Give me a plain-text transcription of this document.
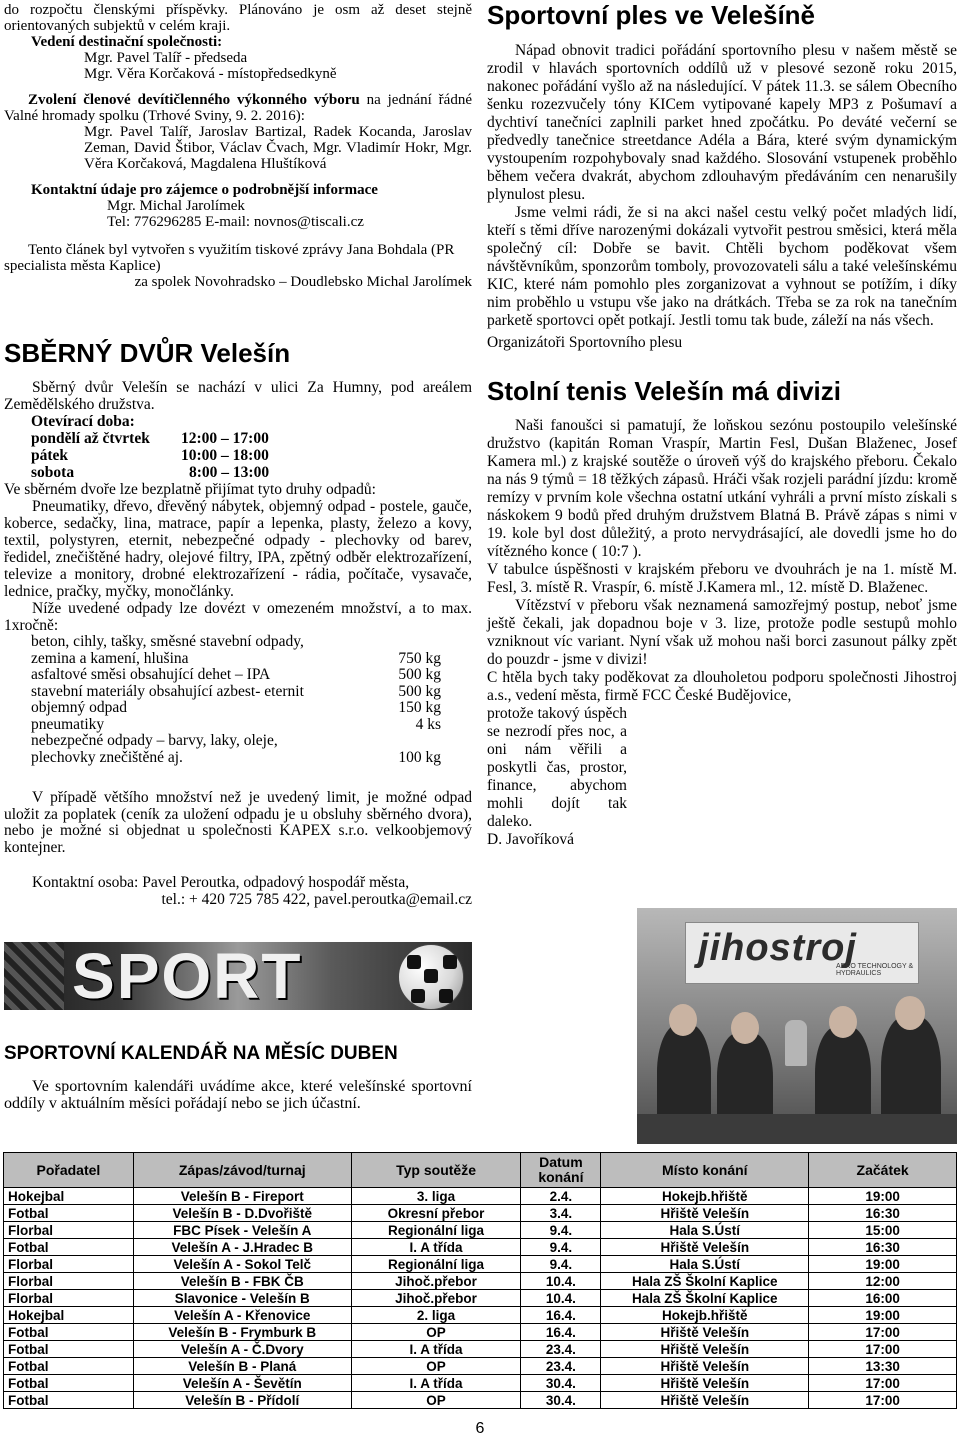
do rozpočtu členskými příspěvky. Plánováno je osm až deset stejně orientovaných subjektů v celém kraji.

Vedení destinační společnosti:

Mgr. Pavel Talíř - předseda

Mgr. Věra Korčaková - místopředsedkyně

Zvolení členové devítičlenného výkonného výboru na jednání řádné Valné hromady spolku (Trhové Sviny, 9. 2. 2016):

Mgr. Pavel Talíř, Jaroslav Bartizal, Radek Kocanda, Jaroslav Zeman, David Štibor, Václav Čvach, Mgr. Vladimír Hokr, Mgr. Věra Korčaková, Magdalena Hluštíková

Kontaktní údaje pro zájemce o podrobnější informace

Mgr. Michal Jarolímek

Tel: 776296285 E-mail: novnos@tiscali.cz

Tento článek byl vytvořen s využitím tiskové zprávy Jana Bohdala (PR specialista města Kaplice)

za spolek Novohradsko – Doudlebsko Michal Jarolímek

SBĚRNÝ DVŮR Velešín

Sběrný dvůr Velešín se nachází v ulici Za Humny, pod areálem Zemědělského družstva.

Otevírací doba:

pondělí až čtvrtek	12:00 – 17:00
pátek	10:00 – 18:00
sobota	8:00 – 13:00

Ve sběrném dvoře lze bezplatně přijímat tyto druhy odpadů:

Pneumatiky, dřevo, dřevěný nábytek, objemný odpad - postele, gauče, koberce, sedačky, lina, matrace, papír a lepenka, plasty, železo a kovy, textil, polystyren, eternit, nebezpečné odpady - plechovky od barev, ředidel, znečištěné hadry, olejové filtry, IPA, zpětný odběr elektrozařízení, televize a monitory, drobné elektrozařízení - rádia, počítače, vysavače, lednice, pračky, myčky, monočlánky.

Níže uvedené odpady lze dovézt v omezeném množství, a to max. 1xročně:

beton, cihly, tašky, směsné stavební odpady,
zemina a kamení, hlušina	750 kg
asfaltové směsi obsahující dehet – IPA	500 kg
stavební materiály obsahující azbest- eternit	500 kg
objemný odpad	150 kg
pneumatiky	4 ks
nebezpečné odpady – barvy, laky, oleje,
plechovky znečištěné aj.	100 kg

V případě většího množství než je uvedený limit, je možné odpad uložit za poplatek (ceník za uložení odpadu je u obsluhy sběrného dvora), nebo je možné si objednat u společnosti KAPEX s.r.o. velkoobjemový kontejner.

Kontaktní osoba: Pavel Peroutka, odpadový hospodář města,

tel.: + 420 725 785 422, pavel.peroutka@email.cz

SPORT

SPORTOVNÍ KALENDÁŘ NA MĚSÍC DUBEN

Ve sportovním kalendáři uvádíme akce, které velešínské sportovní oddíly v aktuálním měsíci pořádají nebo se jich účastní.

Sportovní ples ve Velešíně

Nápad obnovit tradici pořádání sportovního plesu v našem městě se zrodil v hlavách sportovních oddílů už v plesové sezoně roku 2015, nakonec pořádání vyšlo až na následující. V pátek 11.3. se sálem Obecního šenku rozezvučely tóny KICem vytipované kapely MP3 z Pošumaví a dychtiví tanečníci zaplnili parket hned zpočátku. Po deváté večerní se předvedly tanečnice streetdance Adéla a Bára, které svým dynamickým vystoupením rozpohybovaly snad každého. Slosování vstupenek proběhlo během večera dvakrát, abychom zdlouhavým předáváním cen nenarušily plynulost plesu.

Jsme velmi rádi, že si na akci našel cestu velký počet mladých lidí, kteří s těmi dříve narozenými dokázali vytvořit pestrou směsici, která měla společný cíl: Dobře se bavit. Chtěli bychom poděkovat všem návštěvníkům, sponzorům tomboly, provozovateli sálu a také velešínskému KIC, které nám pomohlo ples zorganizovat a vyhnout se potížím, i díky nim proběhlo u vstupu vše jako na drátkách. Třeba se za rok na tanečním parketě sportovci opět potkají. Jestli tomu tak bude, záleží na nás všech.

Organizátoři Sportovního plesu

Stolní tenis Velešín má divizi

Naši fanoušci si pamatují, že loňskou sezónu postoupilo velešínské družstvo (kapitán Roman Vraspír, Martin Fesl, Dušan Blaženec, Josef Kamera ml.) z krajské soutěže o úroveň výš do krajského přeboru. Čekalo na nás 9 týmů = 18 těžkých zápasů. Hráči však rozjeli parádní jízdu: kromě remízy v prvním kole všechna ostatní utkání vyhráli a první místo získali s náskokem 9 bodů před druhým družstvem Blatná B. Právě zápas s nimi v 19. kole byl dost důležitý, a proto nervydrásající, ale dovedli jsme ho do vítězného konce ( 10:7 ).

V tabulce úspěšnosti v krajském přeboru ve dvouhrách je na 1. místě M. Fesl, 3. místě R. Vraspír, 6. místě J.Kamera ml., 12. místě D. Blaženec.

Vítězství v přeboru však neznamená samozřejmý postup, neboť jsme ještě čekali, jak dopadnou boje v 3. lize, protože podle sestupů mohlo vzniknout víc variant. Nyní však už mohou naši borci zasunout pálky zpět do pouzdr - jsme v divizi!

C htěla bych taky poděkovat za dlouholetou podporu společnosti Jihostroj a.s., vedení města, firmě FCC České Budějovice,

protože takový úspěch se nezrodí přes noc, a oni nám věřili a poskytli čas, prostor, finance, abychom mohli dojít tak daleko.

D. Javoříková

jihostroj
AERO TECHNOLOGY & HYDRAULICS
Pořadatel	Zápas/závod/turnaj	Typ soutěže	Datum konání	Místo konání	Začátek
Hokejbal	Velešín B - Fireport	3. liga	2.4.	Hokejb.hřiště	19:00
Fotbal	Velešín B - D.Dvořiště	Okresní přebor	3.4.	Hřiště Velešín	16:30
Florbal	FBC Písek - Velešín A	Regionální liga	9.4.	Hala S.Ústí	15:00
Fotbal	Velešín A - J.Hradec B	I. A třída	9.4.	Hřiště Velešín	16:30
Florbal	Velešín A - Sokol Telč	Regionální liga	9.4.	Hala S.Ústí	19:00
Florbal	Velešín B - FBK ČB	Jihoč.přebor	10.4.	Hala ZŠ Školní Kaplice	12:00
Florbal	Slavonice - Velešín B	Jihoč.přebor	10.4.	Hala ZŠ Školní Kaplice	16:00
Hokejbal	Velešín A - Křenovice	2. liga	16.4.	Hokejb.hřiště	19:00
Fotbal	Velešín B - Frymburk B	OP	16.4.	Hřiště Velešín	17:00
Fotbal	Velešín A - Č.Dvory	I. A třída	23.4.	Hřiště Velešín	17:00
Fotbal	Velešín B - Planá	OP	23.4.	Hřiště Velešín	13:30
Fotbal	Velešín A - Ševětín	I. A třída	30.4.	Hřiště Velešín	17:00
Fotbal	Velešín B - Přídolí	OP	30.4.	Hřiště Velešín	17:00
6
